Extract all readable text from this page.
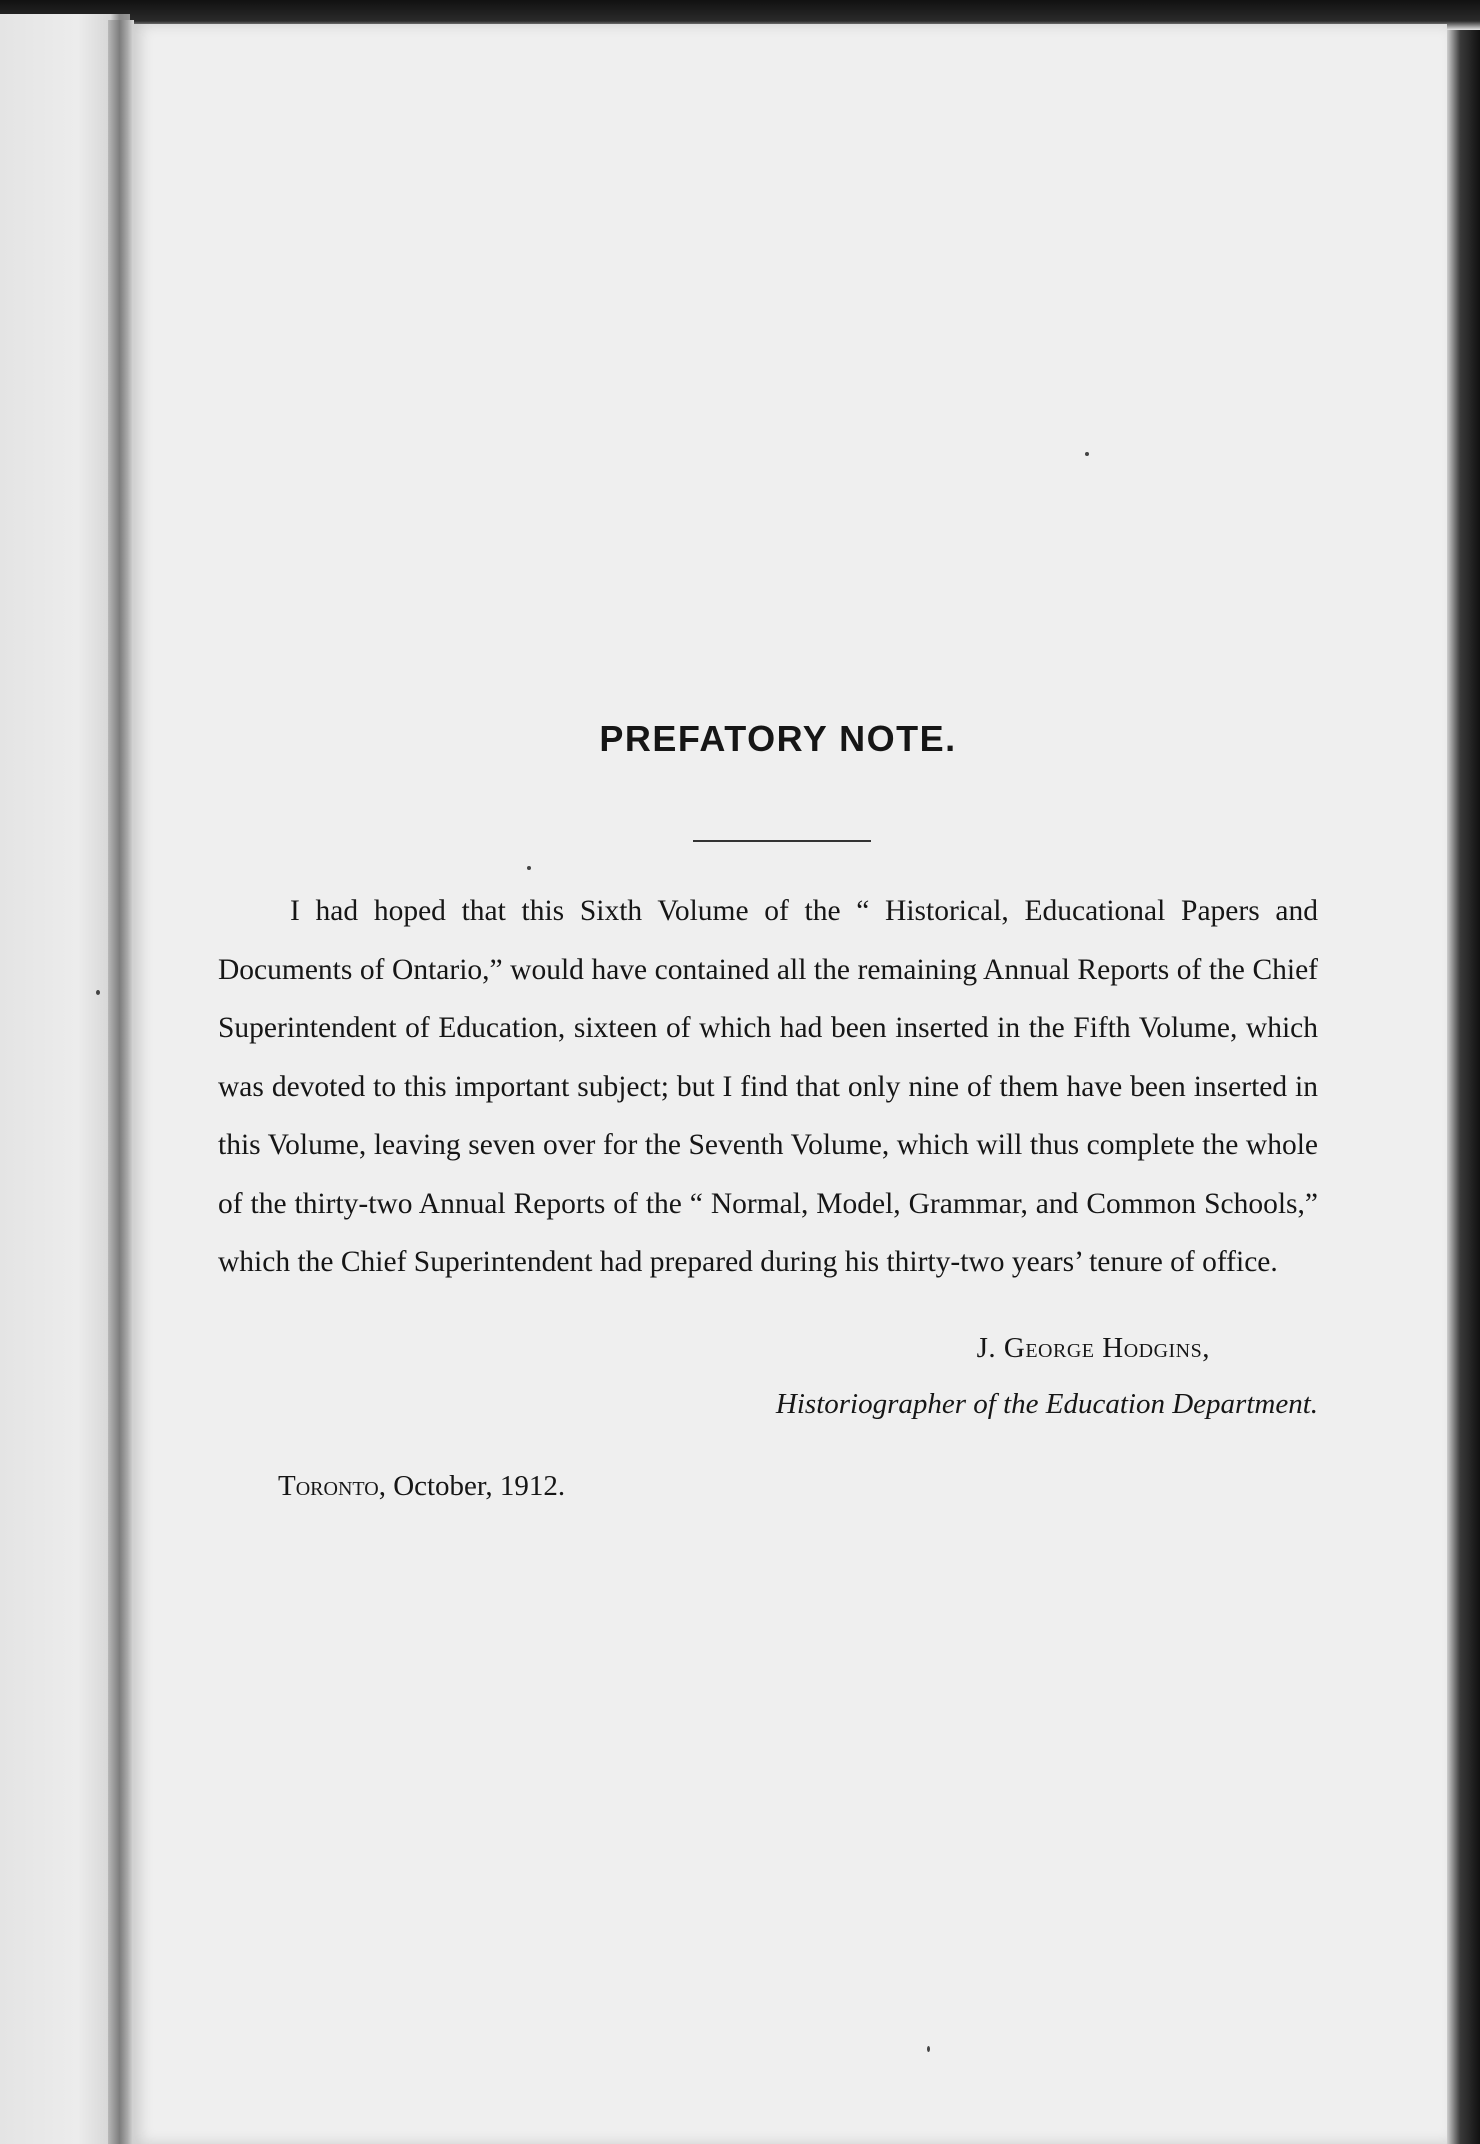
PREFATORY NOTE.

I had hoped that this Sixth Volume of the “ Historical, Educational Papers and Documents of Ontario,” would have contained all the remaining Annual Reports of the Chief Superintendent of Education, sixteen of which had been inserted in the Fifth Volume, which was devoted to this important subject; but I find that only nine of them have been inserted in this Volume, leaving seven over for the Seventh Volume, which will thus complete the whole of the thirty-two Annual Reports of the “ Normal, Model, Grammar, and Common Schools,” which the Chief Superintendent had prepared during his thirty-two years’ tenure of office.

J. George Hodgins,
Historiographer of the Education Department.
Toronto, October, 1912.
